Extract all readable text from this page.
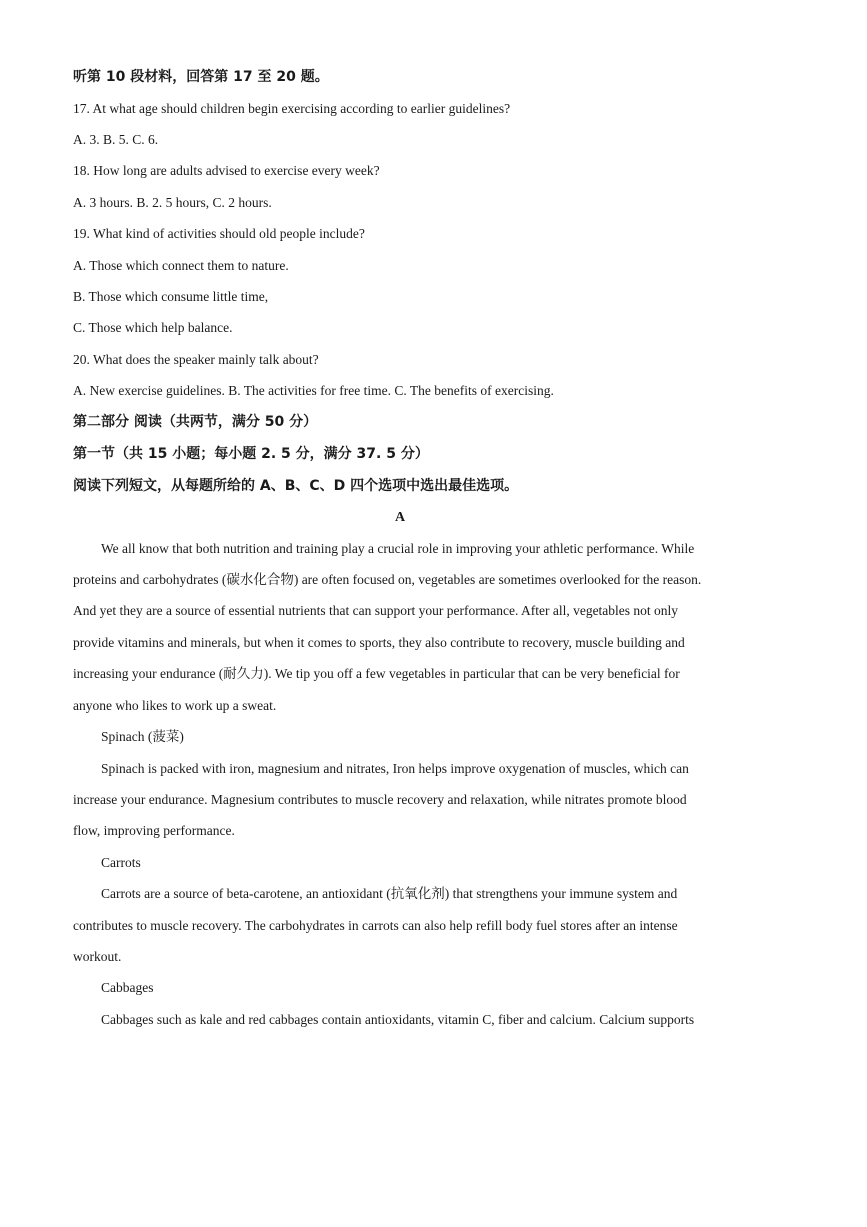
听第 10 段材料，回答第 17 至 20 题。
17. At what age should children begin exercising according to earlier guidelines?
A. 3. B. 5. C. 6.
18. How long are adults advised to exercise every week?
A. 3 hours. B. 2. 5 hours, C. 2 hours.
19. What kind of activities should old people include?
A. Those which connect them to nature.
B. Those which consume little time,
C. Those which help balance.
20. What does the speaker mainly talk about?
A. New exercise guidelines. B. The activities for free time. C. The benefits of exercising.
第二部分 阅读（共两节，满分 50 分）
第一节（共 15 小题；每小题 2. 5 分，满分 37. 5 分）
阅读下列短文，从每题所给的 A、B、C、D 四个选项中选出最佳选项。
A
We all know that both nutrition and training play a crucial role in improving your athletic performance. While
proteins and carbohydrates (碳水化合物) are often focused on, vegetables are sometimes overlooked for the reason.
And yet they are a source of essential nutrients that can support your performance. After all, vegetables not only
provide vitamins and minerals, but when it comes to sports, they also contribute to recovery, muscle building and
increasing your endurance (耐久力). We tip you off a few vegetables in particular that can be very beneficial for
anyone who likes to work up a sweat.
Spinach (菠菜)
Spinach is packed with iron, magnesium and nitrates, Iron helps improve oxygenation of muscles, which can
increase your endurance. Magnesium contributes to muscle recovery and relaxation, while nitrates promote blood
flow, improving performance.
Carrots
Carrots are a source of beta-carotene, an antioxidant (抗氧化剂) that strengthens your immune system and
contributes to muscle recovery. The carbohydrates in carrots can also help refill body fuel stores after an intense
workout.
Cabbages
Cabbages such as kale and red cabbages contain antioxidants, vitamin C, fiber and calcium. Calcium supports
